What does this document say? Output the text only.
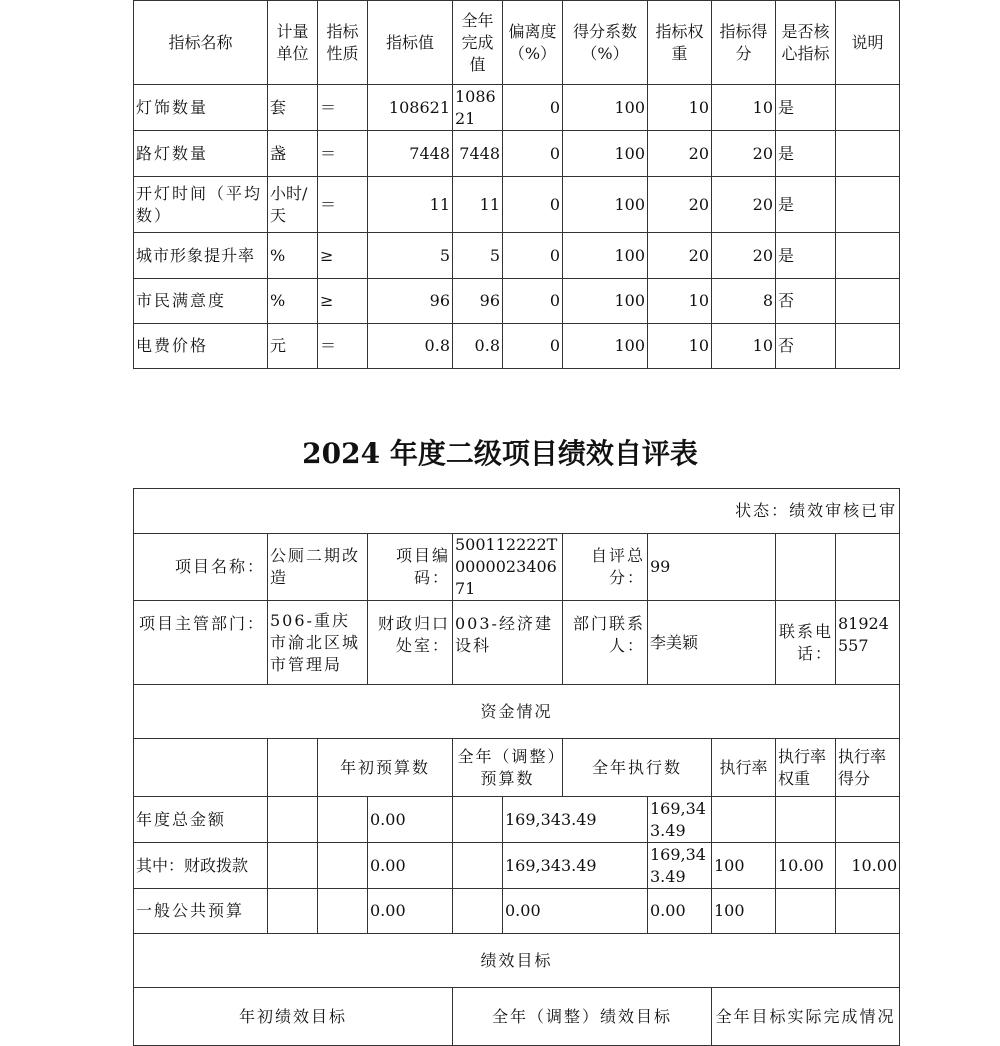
指标名称	计量单位	指标性质	指标值	全年完成值	偏离度（%）	得分系数（%）	指标权重	指标得分	是否核心指标	说明
灯饰数量	套	＝	108621	108621	0	100	10	10	是	
路灯数量	盏	＝	7448	7448	0	100	20	20	是	
开灯时间（平均数）	小时/天	＝	11	11	0	100	20	20	是	
城市形象提升率	%	≥	5	5	0	100	20	20	是	
市民满意度	%	≥	96	96	0	100	10	8	否	
电费价格	元	＝	0.8	0.8	0	100	10	10	否	
2024 年度二级项目绩效自评表
状态：绩效审核已审										
项目名称：	公厕二期改造		项目编码：	500112222T000002340671		自评总分：	99			
项目主管部门：	506-重庆市渝北区城市管理局		财政归口处室：	003-经济建设科		部门联系人：	李美颖		联系电话：	81924557
资金情况										
		年初预算数		全年（调整）预算数		全年执行数		执行率	执行率权重	执行率得分
年度总金额			0.00		169,343.49		169,343.49			
其中：财政拨款			0.00		169,343.49		169,343.49	100	10.00	10.00
一般公共预算			0.00		0.00		0.00	100		
绩效目标										
年初绩效目标				全年（调整）绩效目标				全年目标实际完成情况		
